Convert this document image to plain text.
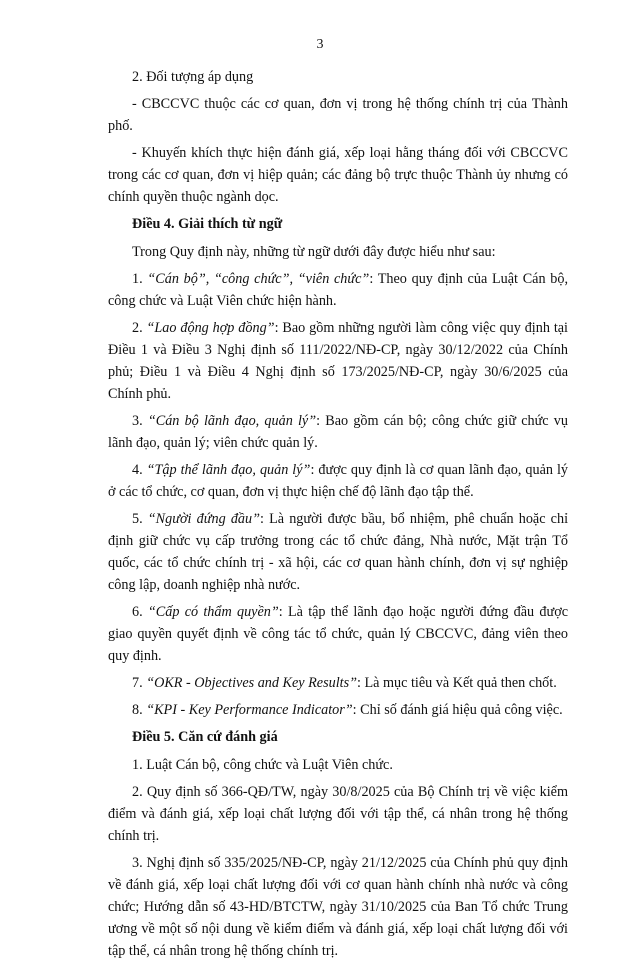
3

2. Đối tượng áp dụng

- CBCCVC thuộc các cơ quan, đơn vị trong hệ thống chính trị của Thành phố.

- Khuyến khích thực hiện đánh giá, xếp loại hằng tháng đối với CBCCVC trong các cơ quan, đơn vị hiệp quản; các đảng bộ trực thuộc Thành ủy nhưng có chính quyền thuộc ngành dọc.

Điều 4. Giải thích từ ngữ

Trong Quy định này, những từ ngữ dưới đây được hiểu như sau:

1. “Cán bộ”, “công chức”, “viên chức”: Theo quy định của Luật Cán bộ, công chức và Luật Viên chức hiện hành.

2. “Lao động hợp đồng”: Bao gồm những người làm công việc quy định tại Điều 1 và Điều 3 Nghị định số 111/2022/NĐ-CP, ngày 30/12/2022 của Chính phủ; Điều 1 và Điều 4 Nghị định số 173/2025/NĐ-CP, ngày 30/6/2025 của Chính phủ.

3. “Cán bộ lãnh đạo, quản lý”: Bao gồm cán bộ; công chức giữ chức vụ lãnh đạo, quản lý; viên chức quản lý.

4. “Tập thể lãnh đạo, quản lý”: được quy định là cơ quan lãnh đạo, quản lý ở các tổ chức, cơ quan, đơn vị thực hiện chế độ lãnh đạo tập thể.

5. “Người đứng đầu”: Là người được bầu, bổ nhiệm, phê chuẩn hoặc chỉ định giữ chức vụ cấp trưởng trong các tổ chức đảng, Nhà nước, Mặt trận Tổ quốc, các tổ chức chính trị - xã hội, các cơ quan hành chính, đơn vị sự nghiệp công lập, doanh nghiệp nhà nước.

6. “Cấp có thẩm quyền”: Là tập thể lãnh đạo hoặc người đứng đầu được giao quyền quyết định về công tác tổ chức, quản lý CBCCVC, đảng viên theo quy định.

7. “OKR - Objectives and Key Results”: Là mục tiêu và Kết quả then chốt.

8. “KPI - Key Performance Indicator”: Chỉ số đánh giá hiệu quả công việc.

Điều 5. Căn cứ đánh giá

1. Luật Cán bộ, công chức và Luật Viên chức.

2. Quy định số 366-QĐ/TW, ngày 30/8/2025 của Bộ Chính trị về việc kiểm điểm và đánh giá, xếp loại chất lượng đối với tập thể, cá nhân trong hệ thống chính trị.

3. Nghị định số 335/2025/NĐ-CP, ngày 21/12/2025 của Chính phủ quy định về đánh giá, xếp loại chất lượng đối với cơ quan hành chính nhà nước và công chức; Hướng dẫn số 43-HD/BTCTW, ngày 31/10/2025 của Ban Tổ chức Trung ương về một số nội dung về kiểm điểm và đánh giá, xếp loại chất lượng đối với tập thể, cá nhân trong hệ thống chính trị.
